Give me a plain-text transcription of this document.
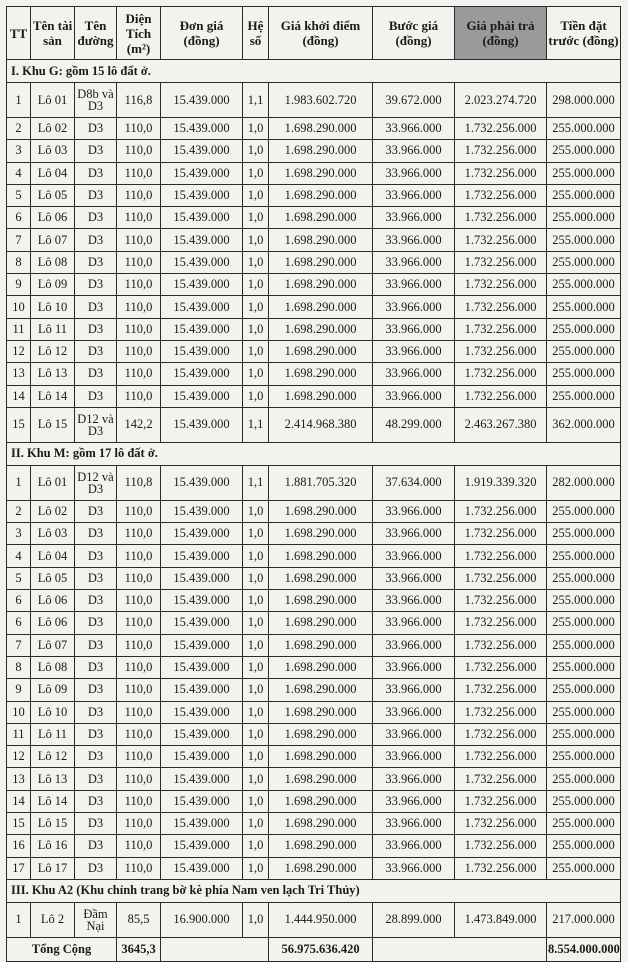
TT	Tên tài sản	Tên đường	Diện Tích (m²)	Đơn giá (đồng)	Hệ số	Giá khởi điểm (đồng)	Bước giá (đồng)	Giá phải trả (đồng)	Tiền đặt trước (đồng)
I. Khu G: gồm 15 lô đất ở.									
1	Lô 01	D8b và D3	116,8	15.439.000	1,1	1.983.602.720	39.672.000	2.023.274.720	298.000.000
2	Lô 02	D3	110,0	15.439.000	1,0	1.698.290.000	33.966.000	1.732.256.000	255.000.000
3	Lô 03	D3	110,0	15.439.000	1,0	1.698.290.000	33.966.000	1.732.256.000	255.000.000
4	Lô 04	D3	110,0	15.439.000	1,0	1.698.290.000	33.966.000	1.732.256.000	255.000.000
5	Lô 05	D3	110,0	15.439.000	1,0	1.698.290.000	33.966.000	1.732.256.000	255.000.000
6	Lô 06	D3	110,0	15.439.000	1,0	1.698.290.000	33.966.000	1.732.256.000	255.000.000
7	Lô 07	D3	110,0	15.439.000	1,0	1.698.290.000	33.966.000	1.732.256.000	255.000.000
8	Lô 08	D3	110,0	15.439.000	1,0	1.698.290.000	33.966.000	1.732.256.000	255.000.000
9	Lô 09	D3	110,0	15.439.000	1,0	1.698.290.000	33.966.000	1.732.256.000	255.000.000
10	Lô 10	D3	110,0	15.439.000	1,0	1.698.290.000	33.966.000	1.732.256.000	255.000.000
11	Lô 11	D3	110,0	15.439.000	1,0	1.698.290.000	33.966.000	1.732.256.000	255.000.000
12	Lô 12	D3	110,0	15.439.000	1,0	1.698.290.000	33.966.000	1.732.256.000	255.000.000
13	Lô 13	D3	110,0	15.439.000	1,0	1.698.290.000	33.966.000	1.732.256.000	255.000.000
14	Lô 14	D3	110,0	15.439.000	1,0	1.698.290.000	33.966.000	1.732.256.000	255.000.000
15	Lô 15	D12 và D3	142,2	15.439.000	1,1	2.414.968.380	48.299.000	2.463.267.380	362.000.000
II. Khu M: gồm 17 lô đất ở.									
1	Lô 01	D12 và D3	110,8	15.439.000	1,1	1.881.705.320	37.634.000	1.919.339.320	282.000.000
2	Lô 02	D3	110,0	15.439.000	1,0	1.698.290.000	33.966.000	1.732.256.000	255.000.000
3	Lô 03	D3	110,0	15.439.000	1,0	1.698.290.000	33.966.000	1.732.256.000	255.000.000
4	Lô 04	D3	110,0	15.439.000	1,0	1.698.290.000	33.966.000	1.732.256.000	255.000.000
5	Lô 05	D3	110,0	15.439.000	1,0	1.698.290.000	33.966.000	1.732.256.000	255.000.000
6	Lô 06	D3	110,0	15.439.000	1,0	1.698.290.000	33.966.000	1.732.256.000	255.000.000
6	Lô 06	D3	110,0	15.439.000	1,0	1.698.290.000	33.966.000	1.732.256.000	255.000.000
7	Lô 07	D3	110,0	15.439.000	1,0	1.698.290.000	33.966.000	1.732.256.000	255.000.000
8	Lô 08	D3	110,0	15.439.000	1,0	1.698.290.000	33.966.000	1.732.256.000	255.000.000
9	Lô 09	D3	110,0	15.439.000	1,0	1.698.290.000	33.966.000	1.732.256.000	255.000.000
10	Lô 10	D3	110,0	15.439.000	1,0	1.698.290.000	33.966.000	1.732.256.000	255.000.000
11	Lô 11	D3	110,0	15.439.000	1,0	1.698.290.000	33.966.000	1.732.256.000	255.000.000
12	Lô 12	D3	110,0	15.439.000	1,0	1.698.290.000	33.966.000	1.732.256.000	255.000.000
13	Lô 13	D3	110,0	15.439.000	1,0	1.698.290.000	33.966.000	1.732.256.000	255.000.000
14	Lô 14	D3	110,0	15.439.000	1,0	1.698.290.000	33.966.000	1.732.256.000	255.000.000
15	Lô 15	D3	110,0	15.439.000	1,0	1.698.290.000	33.966.000	1.732.256.000	255.000.000
16	Lô 16	D3	110,0	15.439.000	1,0	1.698.290.000	33.966.000	1.732.256.000	255.000.000
17	Lô 17	D3	110,0	15.439.000	1,0	1.698.290.000	33.966.000	1.732.256.000	255.000.000
III. Khu A2 (Khu chỉnh trang bờ kè phía Nam ven lạch Tri Thủy)									
1	Lô 2	Đầm Nại	85,5	16.900.000	1,0	1.444.950.000	28.899.000	1.473.849.000	217.000.000
Tổng Cộng			3645,3			56.975.636.420			8.554.000.000
